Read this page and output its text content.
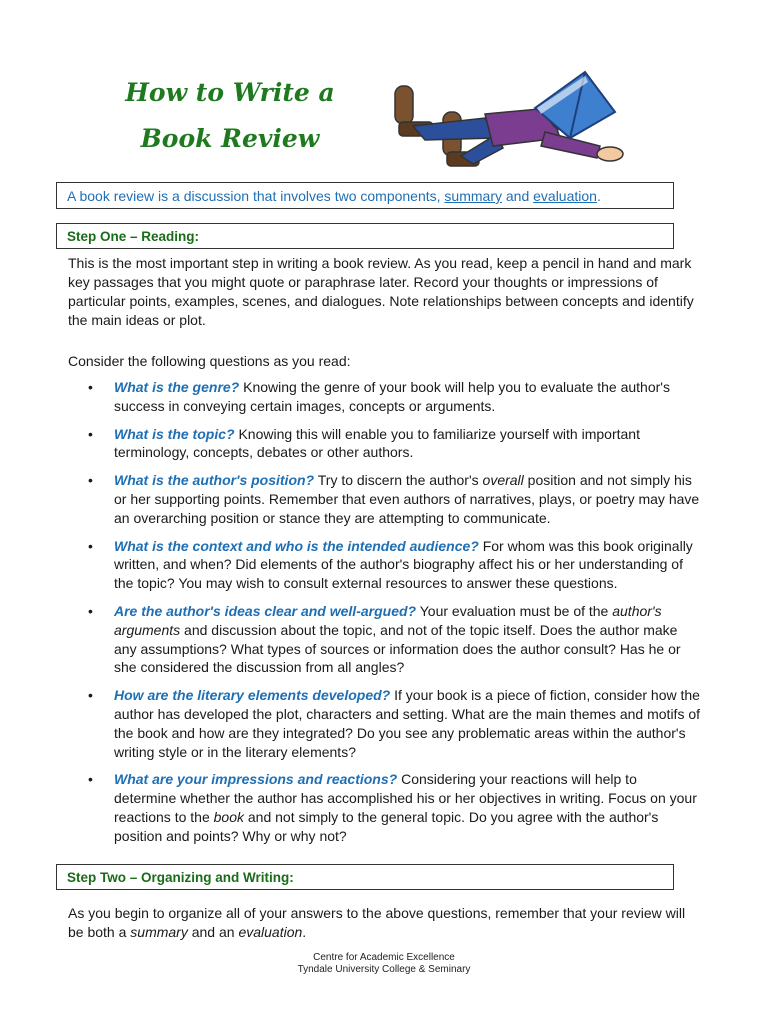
How to Write a
Book Review
A book review is a discussion that involves two components, summary and evaluation.
Step One – Reading:
This is the most important step in writing a book review. As you read, keep a pencil in hand and mark key passages that you might quote or paraphrase later. Record your thoughts or impressions of particular points, examples, scenes, and dialogues. Note relationships between concepts and identify the main ideas or plot.
Consider the following questions as you read:
• What is the genre? Knowing the genre of your book will help you to evaluate the author's success in conveying certain images, concepts or arguments.
• What is the topic? Knowing this will enable you to familiarize yourself with important terminology, concepts, debates or other authors.
• What is the author's position? Try to discern the author's overall position and not simply his or her supporting points. Remember that even authors of narratives, plays, or poetry may have an overarching position or stance they are attempting to communicate.
• What is the context and who is the intended audience? For whom was this book originally written, and when? Did elements of the author's biography affect his or her understanding of the topic? You may wish to consult external resources to answer these questions.
• Are the author's ideas clear and well-argued? Your evaluation must be of the author's arguments and discussion about the topic, and not of the topic itself. Does the author make any assumptions? What types of sources or information does the author consult? Has he or she considered the discussion from all angles?
• How are the literary elements developed? If your book is a piece of fiction, consider how the author has developed the plot, characters and setting. What are the main themes and motifs of the book and how are they integrated? Do you see any problematic areas within the author's writing style or in the literary elements?
• What are your impressions and reactions? Considering your reactions will help to determine whether the author has accomplished his or her objectives in writing. Focus on your reactions to the book and not simply to the general topic. Do you agree with the author's position and points? Why or why not?
Step Two – Organizing and Writing:
As you begin to organize all of your answers to the above questions, remember that your review will be both a summary and an evaluation.
Centre for Academic Excellence
Tyndale University College & Seminary
